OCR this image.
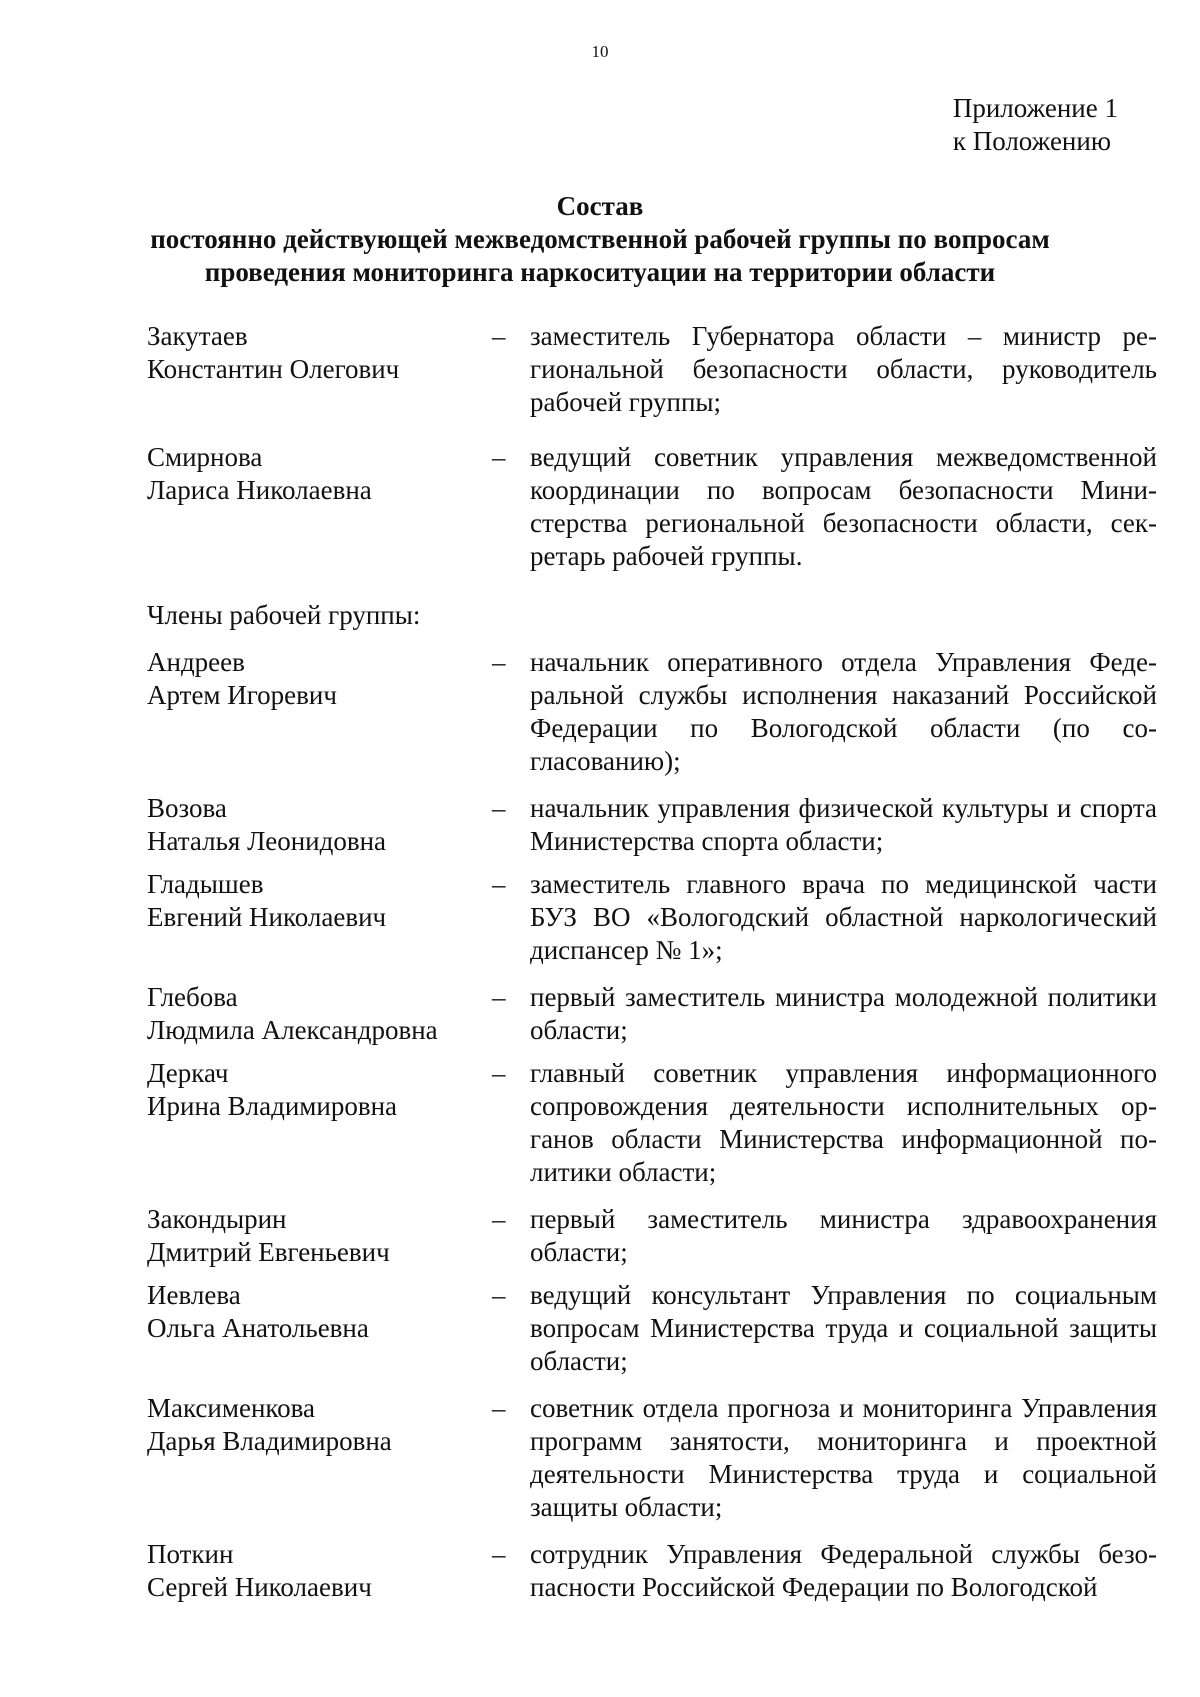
10
Приложение 1
к Положению
Состав
постоянно действующей межведомственной рабочей группы по вопросам
проведения мониторинга наркоситуации на территории области
Закутаев
Константин Олегович
– заместитель Губернатора области – министр региональной безопасности области, руководитель рабочей группы;
Смирнова
Лариса Николаевна
– ведущий советник управления межведомственной координации по вопросам безопасности Министерства региональной безопасности области, секретарь рабочей группы.
Члены рабочей группы:
Андреев
Артем Игоревич
– начальник оперативного отдела Управления Федеральной службы исполнения наказаний Российской Федерации по Вологодской области (по согласованию);
Возова
Наталья Леонидовна
– начальник управления физической культуры и спорта Министерства спорта области;
Гладышев
Евгений Николаевич
– заместитель главного врача по медицинской части БУЗ ВО «Вологодский областной наркологический диспансер № 1»;
Глебова
Людмила Александровна
– первый заместитель министра молодежной политики области;
Деркач
Ирина Владимировна
– главный советник управления информационного сопровождения деятельности исполнительных органов области Министерства информационной политики области;
Закондырин
Дмитрий Евгеньевич
– первый заместитель министра здравоохранения области;
Иевлева
Ольга Анатольевна
– ведущий консультант Управления по социальным вопросам Министерства труда и социальной защиты области;
Максименкова
Дарья Владимировна
– советник отдела прогноза и мониторинга Управления программ занятости, мониторинга и проектной деятельности Министерства труда и социальной защиты области;
Поткин
Сергей Николаевич
– сотрудник Управления Федеральной службы безопасности Российской Федерации по Вологодской
